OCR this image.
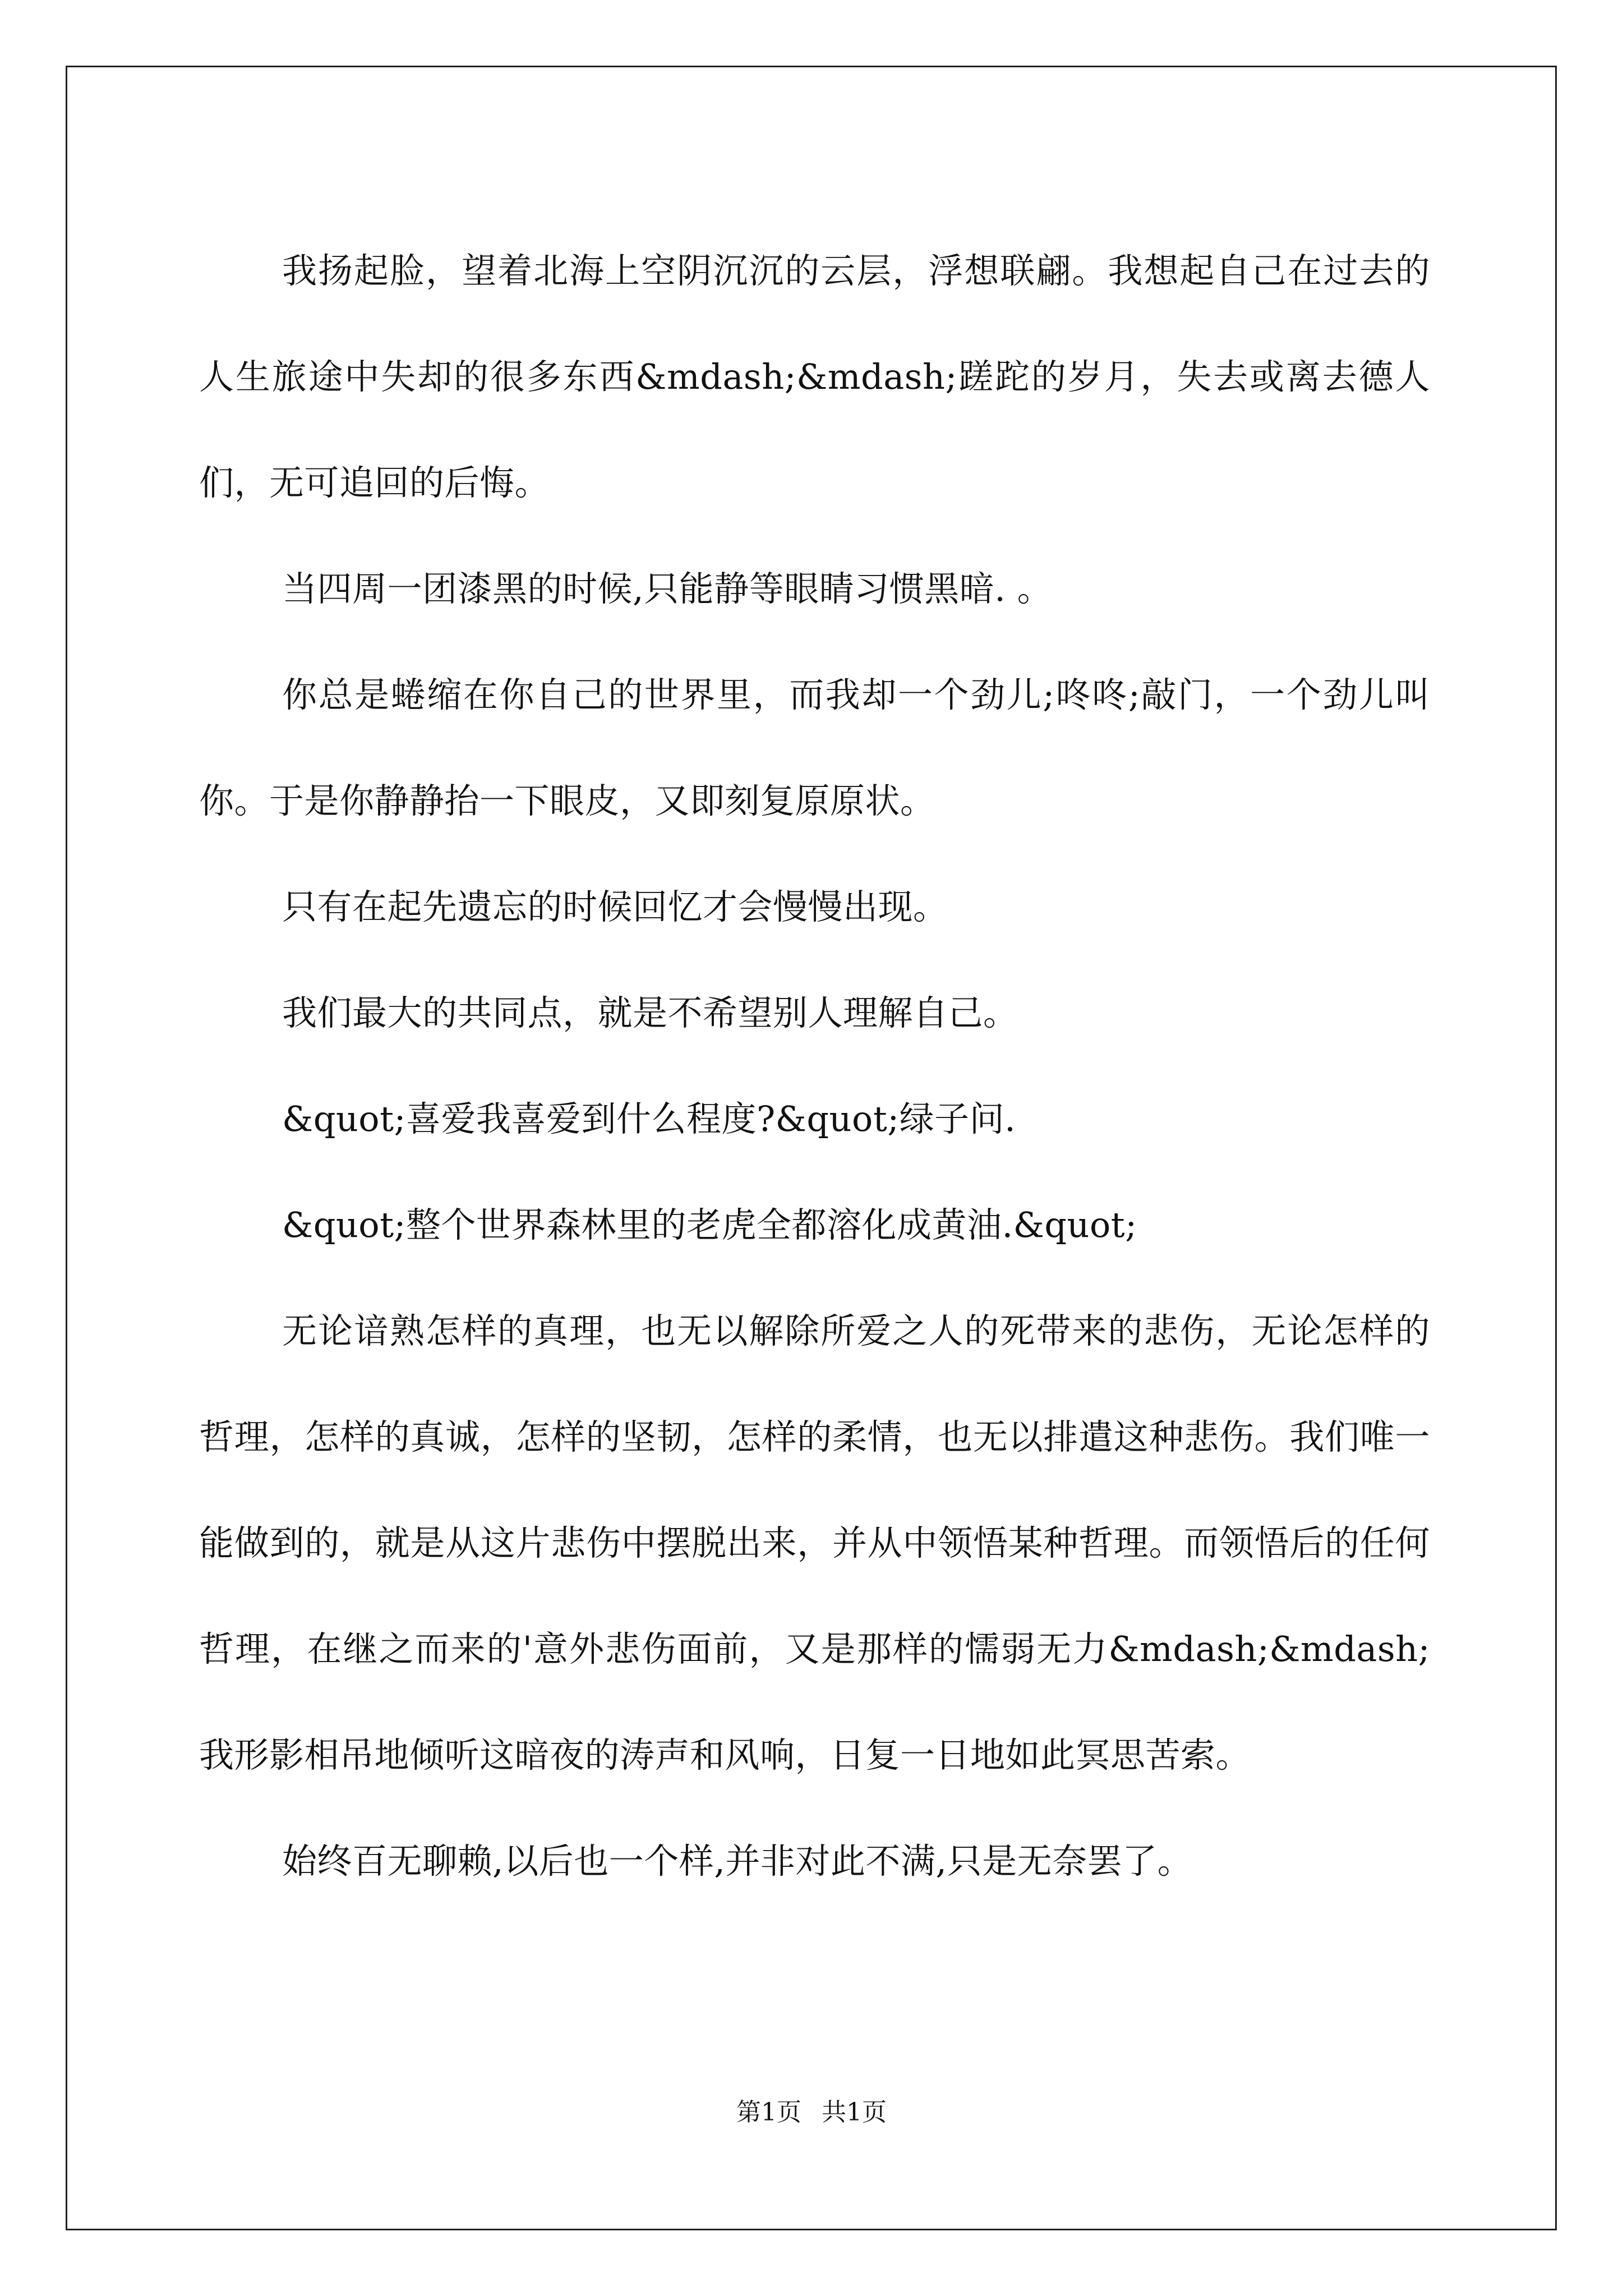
我扬起脸，望着北海上空阴沉沉的云层，浮想联翩。我想起自己在过去的人生旅途中失却的很多东西&mdash;&mdash;蹉跎的岁月，失去或离去德人们，无可追回的后悔。

当四周一团漆黑的时候,只能静等眼睛习惯黑暗. 。

你总是蜷缩在你自己的世界里，而我却一个劲儿;咚咚;敲门，一个劲儿叫你。于是你静静抬一下眼皮，又即刻复原原状。

只有在起先遗忘的时候回忆才会慢慢出现。

我们最大的共同点，就是不希望别人理解自己。

&quot;喜爱我喜爱到什么程度?&quot;绿子问.

&quot;整个世界森林里的老虎全都溶化成黄油.&quot;

无论谙熟怎样的真理，也无以解除所爱之人的死带来的悲伤，无论怎样的哲理，怎样的真诚，怎样的坚韧，怎样的柔情，也无以排遣这种悲伤。我们唯一能做到的，就是从这片悲伤中摆脱出来，并从中领悟某种哲理。而领悟后的任何哲理，在继之而来的'意外悲伤面前，又是那样的懦弱无力&mdash;&mdash;我形影相吊地倾听这暗夜的涛声和风响，日复一日地如此冥思苦索。

始终百无聊赖,以后也一个样,并非对此不满,只是无奈罢了。

第1页 共1页
